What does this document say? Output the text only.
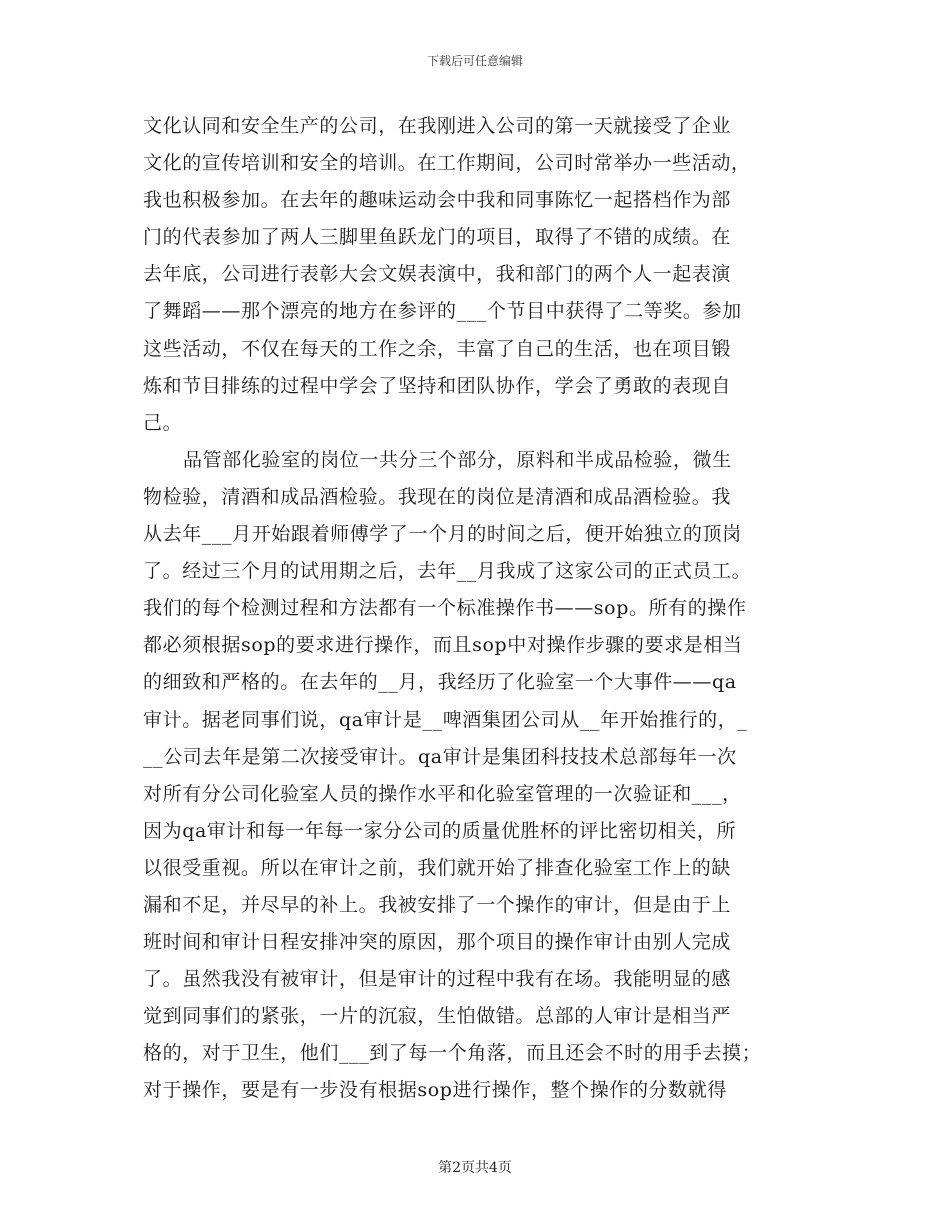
下载后可任意编辑
文化认同和安全生产的公司，在我刚进入公司的第一天就接受了企业
文化的宣传培训和安全的培训。在工作期间，公司时常举办一些活动，
我也积极参加。在去年的趣味运动会中我和同事陈忆一起搭档作为部
门的代表参加了两人三脚里鱼跃龙门的项目，取得了不错的成绩。在
去年底，公司进行表彰大会文娱表演中，我和部门的两个人一起表演
了舞蹈——那个漂亮的地方在参评的___个节目中获得了二等奖。参加
这些活动，不仅在每天的工作之余，丰富了自己的生活，也在项目锻
炼和节目排练的过程中学会了坚持和团队协作，学会了勇敢的表现自
己。
品管部化验室的岗位一共分三个部分，原料和半成品检验，微生
物检验，清酒和成品酒检验。我现在的岗位是清酒和成品酒检验。我
从去年___月开始跟着师傅学了一个月的时间之后，便开始独立的顶岗
了。经过三个月的试用期之后，去年__月我成了这家公司的正式员工。
我们的每个检测过程和方法都有一个标准操作书——sop。所有的操作
都必须根据sop的要求进行操作，而且sop中对操作步骤的要求是相当
的细致和严格的。在去年的__月，我经历了化验室一个大事件——qa
审计。据老同事们说，qa审计是__啤酒集团公司从__年开始推行的，_
__公司去年是第二次接受审计。qa审计是集团科技技术总部每年一次
对所有分公司化验室人员的操作水平和化验室管理的一次验证和___，
因为qa审计和每一年每一家分公司的质量优胜杯的评比密切相关，所
以很受重视。所以在审计之前，我们就开始了排查化验室工作上的缺
漏和不足，并尽早的补上。我被安排了一个操作的审计，但是由于上
班时间和审计日程安排冲突的原因，那个项目的操作审计由别人完成
了。虽然我没有被审计，但是审计的过程中我有在场。我能明显的感
觉到同事们的紧张，一片的沉寂，生怕做错。总部的人审计是相当严
格的，对于卫生，他们___到了每一个角落，而且还会不时的用手去摸；
对于操作，要是有一步没有根据sop进行操作，整个操作的分数就得
第2页共4页
